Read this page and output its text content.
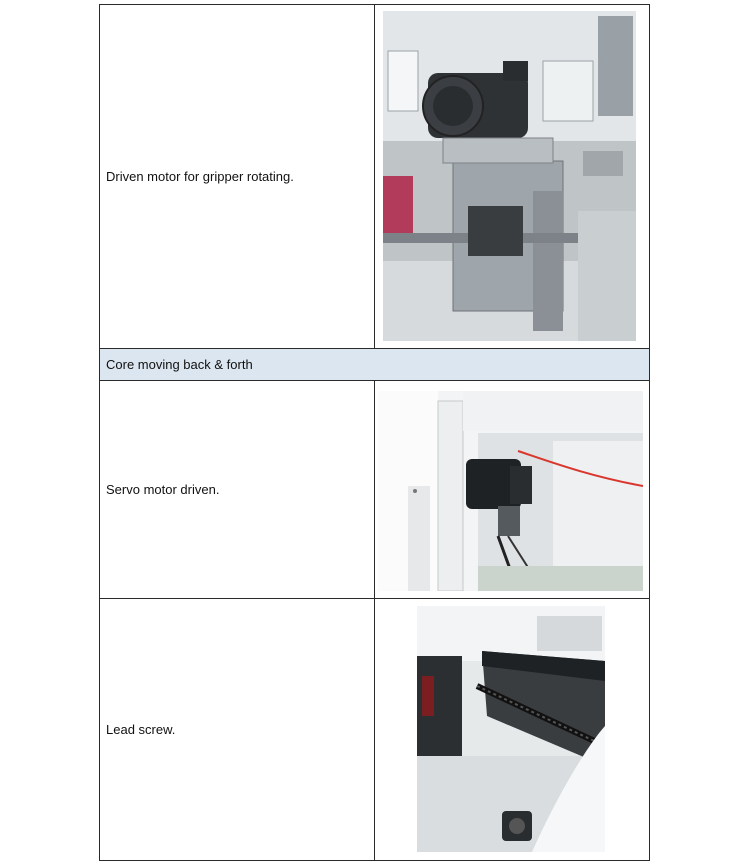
Driven motor for gripper rotating.

Core moving back & forth	

Servo motor driven.

Lead screw.
